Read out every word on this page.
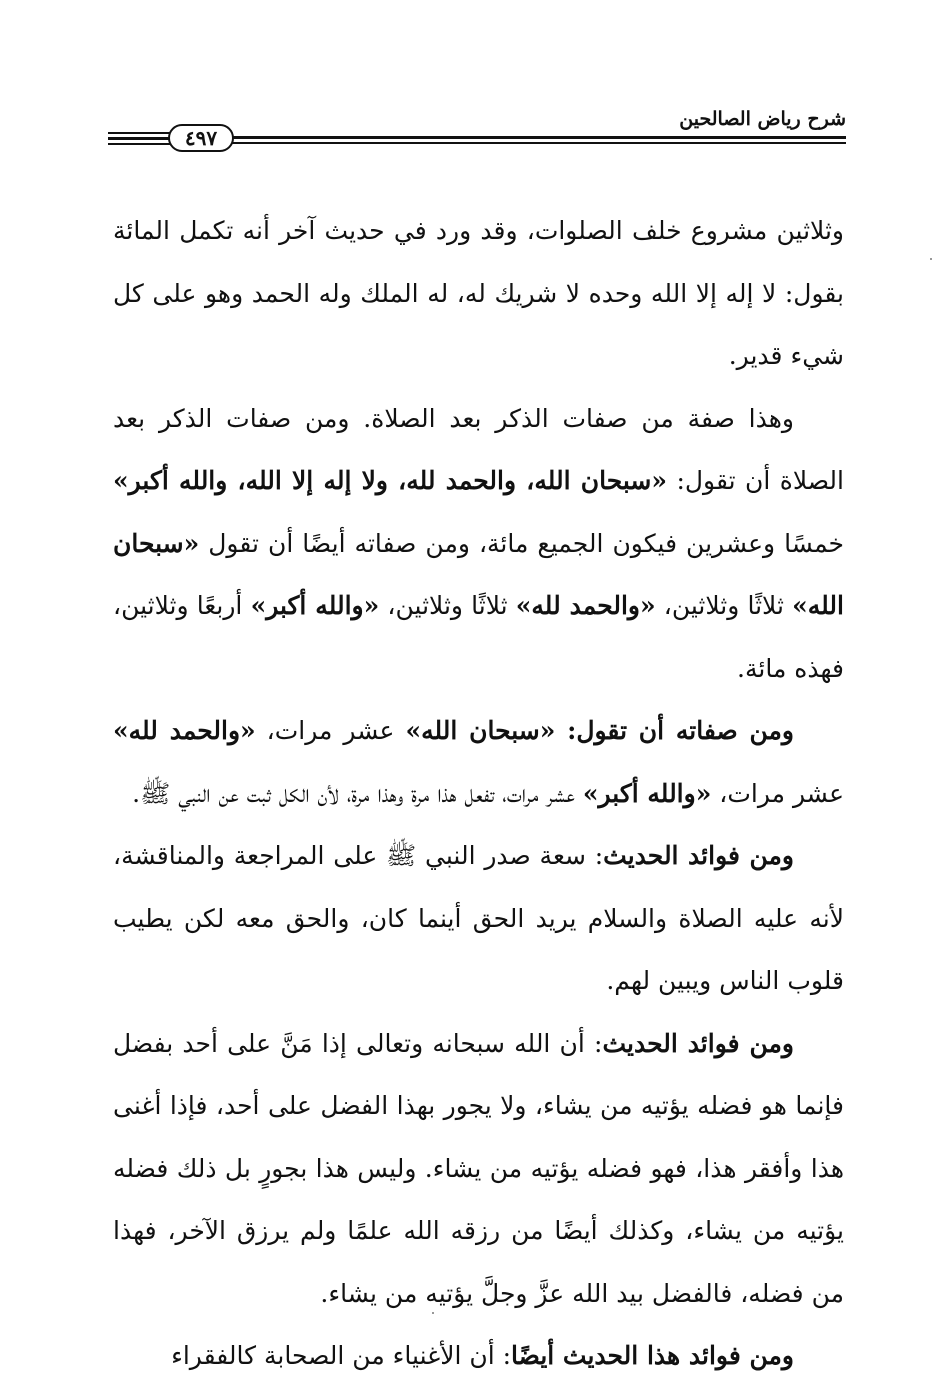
شرح رياض الصالحين
٤٩٧

وثلاثين مشروع خلف الصلوات، وقد ورد في حديث آخر أنه تكمل المائة بقول: لا إله إلا الله وحده لا شريك له، له الملك وله الحمد وهو على كل شيء قدير.

وهذا صفة من صفات الذكر بعد الصلاة. ومن صفات الذكر بعد الصلاة أن تقول: «سبحان الله، والحمد لله، ولا إله إلا الله، والله أكبر» خمسًا وعشرين فيكون الجميع مائة، ومن صفاته أيضًا أن تقول «سبحان الله» ثلاثًا وثلاثين، «والحمد لله» ثلاثًا وثلاثين، «والله أكبر» أربعًا وثلاثين، فهذه مائة.

ومن صفاته أن تقول: «سبحان الله» عشر مرات، «والحمد لله» عشر مرات، «والله أكبر» عشر مرات، تفعل هذا مرة وهذا مرة، لأن الكل ثبت عن النبي ﷺ.

ومن فوائد الحديث: سعة صدر النبي ﷺ على المراجعة والمناقشة، لأنه عليه الصلاة والسلام يريد الحق أينما كان، والحق معه لكن يطيب قلوب الناس ويبين لهم.

ومن فوائد الحديث: أن الله سبحانه وتعالى إذا مَنَّ على أحد بفضل فإنما هو فضله يؤتيه من يشاء، ولا يجور بهذا الفضل على أحد، فإذا أغنى هذا وأفقر هذا، فهو فضله يؤتيه من يشاء. وليس هذا بجورٍ بل ذلك فضله يؤتيه من يشاء، وكذلك أيضًا من رزقه الله علمًا ولم يرزق الآخر، فهذا من فضله، فالفضل بيد الله عزَّ وجلَّ يؤتيه من يشاء.

ومن فوائد هذا الحديث أيضًا: أن الأغنياء من الصحابة كالفقراء
